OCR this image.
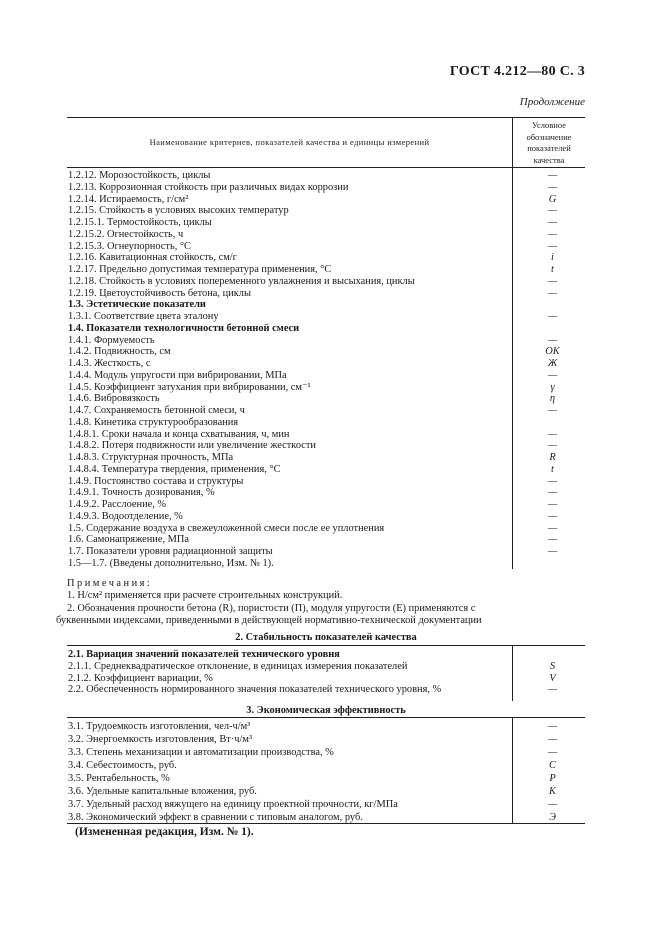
ГОСТ 4.212—80 С. 3
Продолжение
Наименование критериев, показателей качества и единицы измерений
Условное
обозначение
показателей
качества
1.2.12. Морозостойкость, циклы	—
1.2.13. Коррозионная стойкость при различных видах коррозии	—
1.2.14. Истираемость, г/см²	G
1.2.15. Стойкость в условиях высоких температур	—
1.2.15.1. Термостойкость, циклы	—
1.2.15.2. Огнестойкость, ч	—
1.2.15.3. Огнеупорность, °С	—
1.2.16. Кавитационная стойкость, см/г	i
1.2.17. Предельно допустимая температура применения, °С	t
1.2.18. Стойкость в условиях попеременного увлажнения и высыхания, циклы	—
1.2.19. Цветоустойчивость бетона, циклы	—
1.3. Эстетические показатели
1.3.1. Соответствие цвета эталону	—
1.4. Показатели технологичности бетонной смеси
1.4.1. Формуемость	—
1.4.2. Подвижность, см	ОК
1.4.3. Жесткость, с	Ж
1.4.4. Модуль упругости при вибрировании, МПа	—
1.4.5. Коэффициент затухания при вибрировании, см⁻¹	γ
1.4.6. Вибровязкость	η
1.4.7. Сохраняемость бетонной смеси, ч	—
1.4.8. Кинетика структурообразования
1.4.8.1. Сроки начала и конца схватывания, ч, мин	—
1.4.8.2. Потеря подвижности или увеличение жесткости	—
1.4.8.3. Структурная прочность, МПа	R
1.4.8.4. Температура твердения, применения, °С	t
1.4.9. Постоянство состава и структуры	—
1.4.9.1. Точность дозирования, %	—
1.4.9.2. Расслоение, %	—
1.4.9.3. Водоотделение, %	—
1.5. Содержание воздуха в свежеуложенной смеси после ее уплотнения	—
1.6. Самонапряжение, МПа	—
1.7. Показатели уровня радиационной защиты	—
1.5—1.7. (Введены дополнительно, Изм. № 1).
Примечания:
1. Н/см² применяется при расчете строительных конструкций.
2. Обозначения прочности бетона (R), пористости (П), модуля упругости (E) применяются с
буквенными индексами, приведенными в действующей нормативно-технической документации
2. Стабильность показателей качества
2.1. Вариация значений показателей технического уровня
2.1.1. Среднеквадратическое отклонение, в единицах измерения показателей	S
2.1.2. Коэффициент вариации, %	V
2.2. Обеспеченность нормированного значения показателей технического уровня, %	—
3. Экономическая эффективность
3.1. Трудоемкость изготовления, чел-ч/м³	—
3.2. Энергоемкость изготовления, Вт·ч/м³	—
3.3. Степень механизации и автоматизации производства, %	—
3.4. Себестоимость, руб.	С
3.5. Рентабельность, %	Р
3.6. Удельные капитальные вложения, руб.	К
3.7. Удельный расход вяжущего на единицу проектной прочности, кг/МПа	—
3.8. Экономический эффект в сравнении с типовым аналогом, руб.	Э
(Измененная редакция, Изм. № 1).
